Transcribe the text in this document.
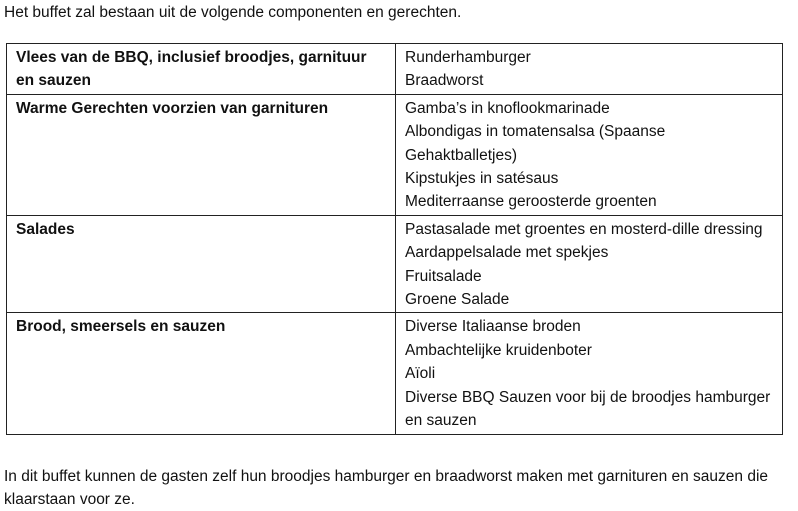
Het buffet zal bestaan uit de volgende componenten en gerechten.

Vlees van de BBQ, inclusief broodjes, garnituur en sauzen	Runderhamburger
Braadworst

Warme Gerechten voorzien van garnituren	Gamba’s in knoflookmarinade
Albondigas in tomatensalsa (Spaanse Gehaktballetjes)
Kipstukjes in satésaus
Mediterraanse geroosterde groenten

Salades	Pastasalade met groentes en mosterd-dille dressing
Aardappelsalade met spekjes
Fruitsalade
Groene Salade

Brood, smeersels en sauzen	Diverse Italiaanse broden
Ambachtelijke kruidenboter
Aïoli
Diverse BBQ Sauzen voor bij de broodjes hamburger en sauzen

In dit buffet kunnen de gasten zelf hun broodjes hamburger en braadworst maken met garnituren en sauzen die klaarstaan voor ze.
